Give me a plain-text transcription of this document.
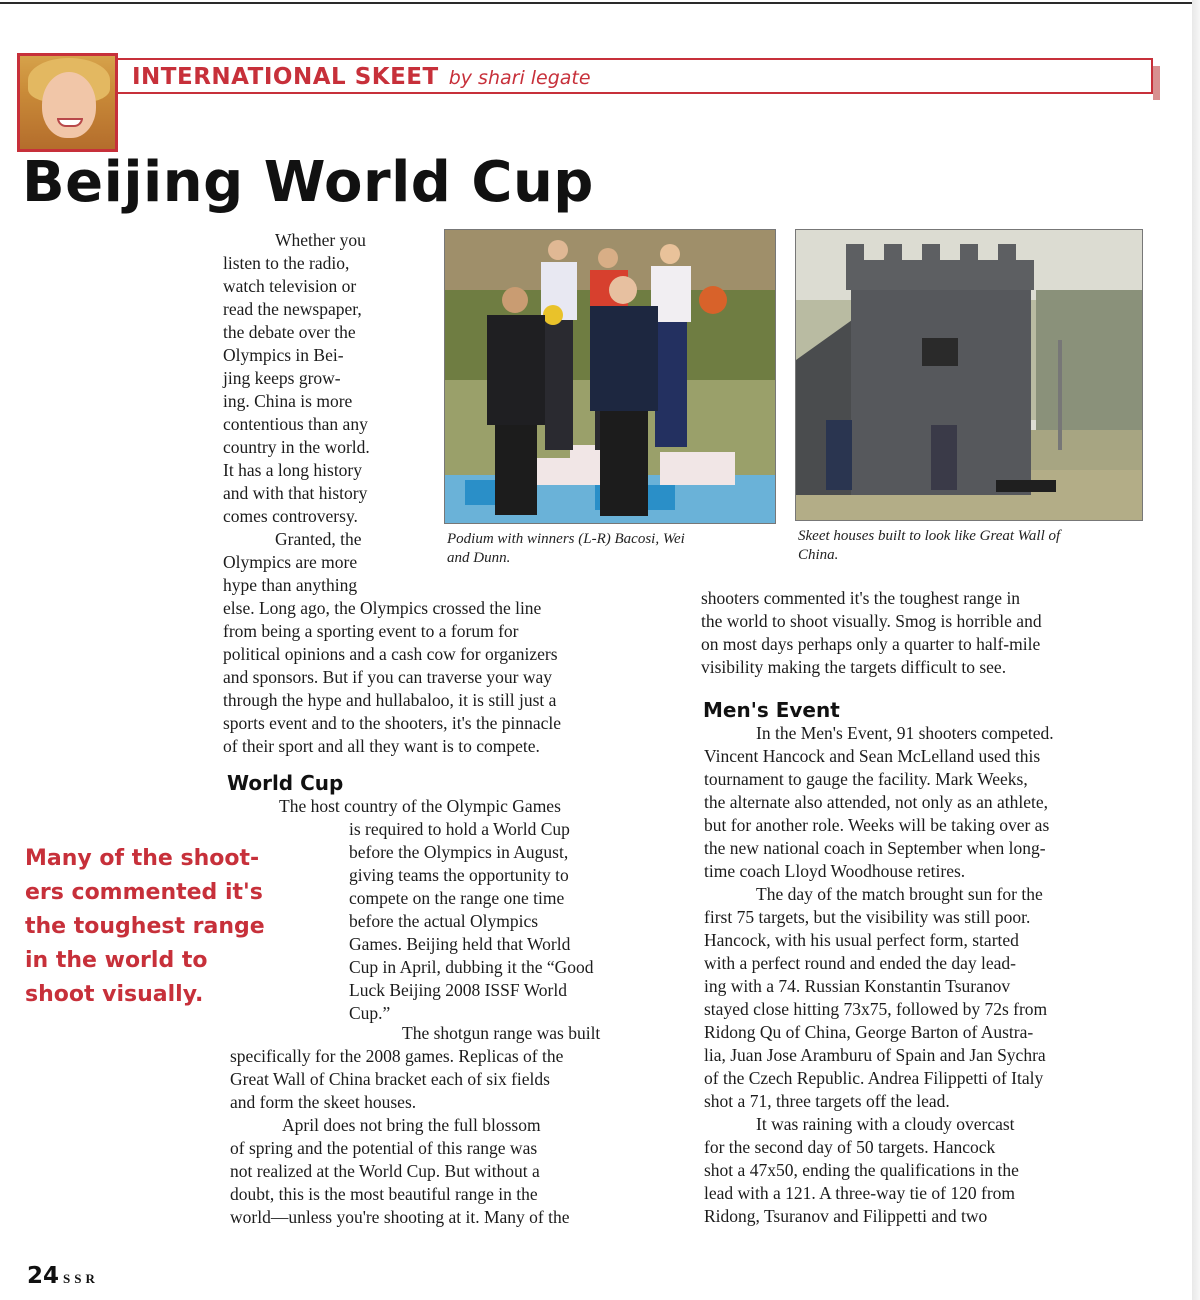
INTERNATIONAL SKEET by shari legate
Beijing World Cup
Podium with winners (L-R) Bacosi, Wei
and Dunn.
Skeet houses built to look like Great Wall of
China.
Whether you
listen to the radio,
watch television or
read the newspaper,
the debate over the
Olympics in Bei-
jing keeps grow-
ing. China is more
contentious than any
country in the world.
It has a long history
and with that history
comes controversy.
Granted, the
Olympics are more
hype than anything
else. Long ago, the Olympics crossed the line
from being a sporting event to a forum for
political opinions and a cash cow for organizers
and sponsors. But if you can traverse your way
through the hype and hullabaloo, it is still just a
sports event and to the shooters, it's the pinnacle
of their sport and all they want is to compete.
World Cup
The host country of the Olympic Games
is required to hold a World Cup
before the Olympics in August,
giving teams the opportunity to
compete on the range one time
before the actual Olympics
Games. Beijing held that World
Cup in April, dubbing it the “Good
Luck Beijing 2008 ISSF World
Cup.”
The shotgun range was built
specifically for the 2008 games. Replicas of the
Great Wall of China bracket each of six fields
and form the skeet houses.
April does not bring the full blossom
of spring and the potential of this range was
not realized at the World Cup. But without a
doubt, this is the most beautiful range in the
world—unless you're shooting at it. Many of the
Many of the shoot-
ers commented it's
the toughest range
in the world to
shoot visually.
shooters commented it's the toughest range in
the world to shoot visually. Smog is horrible and
on most days perhaps only a quarter to half-mile
visibility making the targets difficult to see.
Men's Event
In the Men's Event, 91 shooters competed.
Vincent Hancock and Sean McLelland used this
tournament to gauge the facility. Mark Weeks,
the alternate also attended, not only as an athlete,
but for another role. Weeks will be taking over as
the new national coach in September when long-
time coach Lloyd Woodhouse retires.
The day of the match brought sun for the
first 75 targets, but the visibility was still poor.
Hancock, with his usual perfect form, started
with a perfect round and ended the day lead-
ing with a 74. Russian Konstantin Tsuranov
stayed close hitting 73x75, followed by 72s from
Ridong Qu of China, George Barton of Austra-
lia, Juan Jose Aramburu of Spain and Jan Sychra
of the Czech Republic. Andrea Filippetti of Italy
shot a 71, three targets off the lead.
It was raining with a cloudy overcast
for the second day of 50 targets. Hancock
shot a 47x50, ending the qualifications in the
lead with a 121. A three-way tie of 120 from
Ridong, Tsuranov and Filippetti and two
24 SSR
